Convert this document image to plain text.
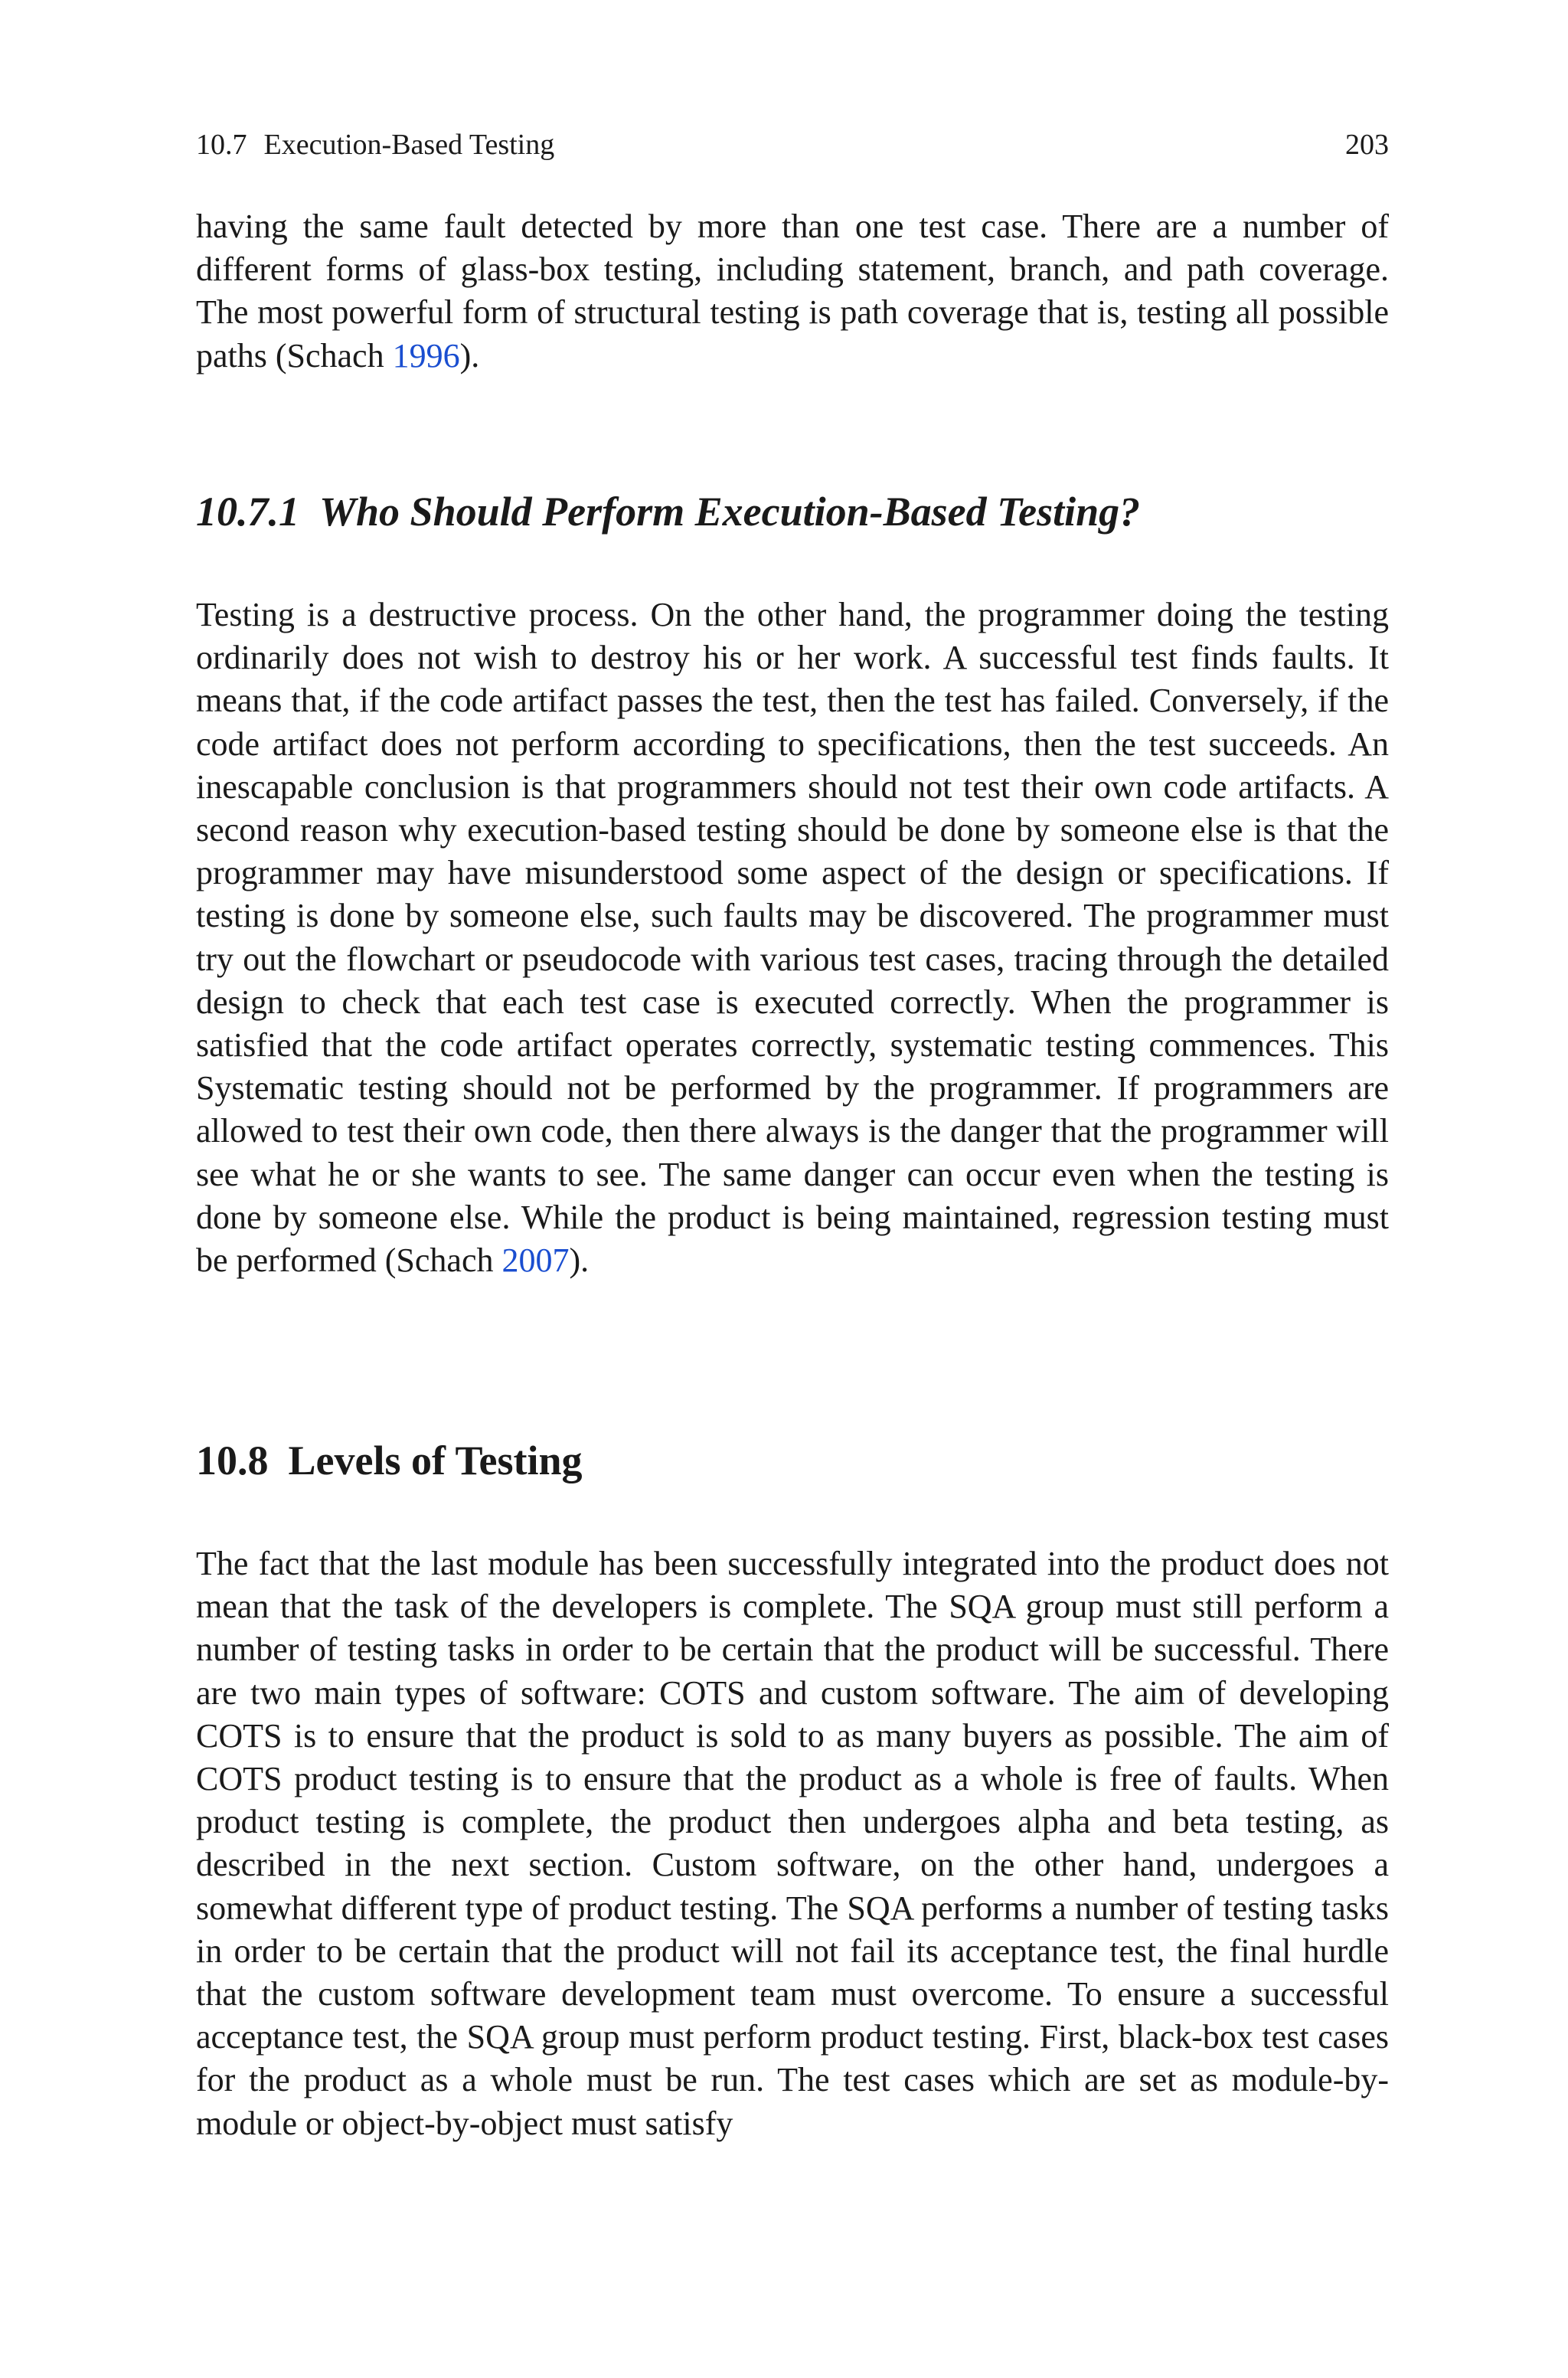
10.7 Execution-Based Testing	203

having the same fault detected by more than one test case. There are a number of different forms of glass-box testing, including statement, branch, and path coverage. The most powerful form of structural testing is path coverage that is, testing all possible paths (Schach 1996).

10.7.1 Who Should Perform Execution-Based Testing?

Testing is a destructive process. On the other hand, the programmer doing the testing ordinarily does not wish to destroy his or her work. A successful test finds faults. It means that, if the code artifact passes the test, then the test has failed. Conversely, if the code artifact does not perform according to specifications, then the test succeeds. An inescapable conclusion is that programmers should not test their own code artifacts. A second reason why execution-based testing should be done by someone else is that the programmer may have misunderstood some aspect of the design or specifications. If testing is done by someone else, such faults may be discovered. The programmer must try out the flowchart or pseudocode with various test cases, tracing through the detailed design to check that each test case is executed correctly. When the programmer is satisfied that the code artifact operates correctly, systematic testing commences. This Systematic testing should not be performed by the programmer. If programmers are allowed to test their own code, then there always is the danger that the programmer will see what he or she wants to see. The same danger can occur even when the testing is done by someone else. While the product is being maintained, regression testing must be performed (Schach 2007).

10.8 Levels of Testing

The fact that the last module has been successfully integrated into the product does not mean that the task of the developers is complete. The SQA group must still perform a number of testing tasks in order to be certain that the product will be successful. There are two main types of software: COTS and custom software. The aim of developing COTS is to ensure that the product is sold to as many buyers as possible. The aim of COTS product testing is to ensure that the product as a whole is free of faults. When product testing is complete, the product then undergoes alpha and beta testing, as described in the next section. Custom software, on the other hand, undergoes a somewhat different type of product testing. The SQA performs a number of testing tasks in order to be certain that the product will not fail its acceptance test, the final hurdle that the custom software development team must overcome. To ensure a successful acceptance test, the SQA group must perform product testing. First, black-box test cases for the product as a whole must be run. The test cases which are set as module-by-module or object-by-object must satisfy
